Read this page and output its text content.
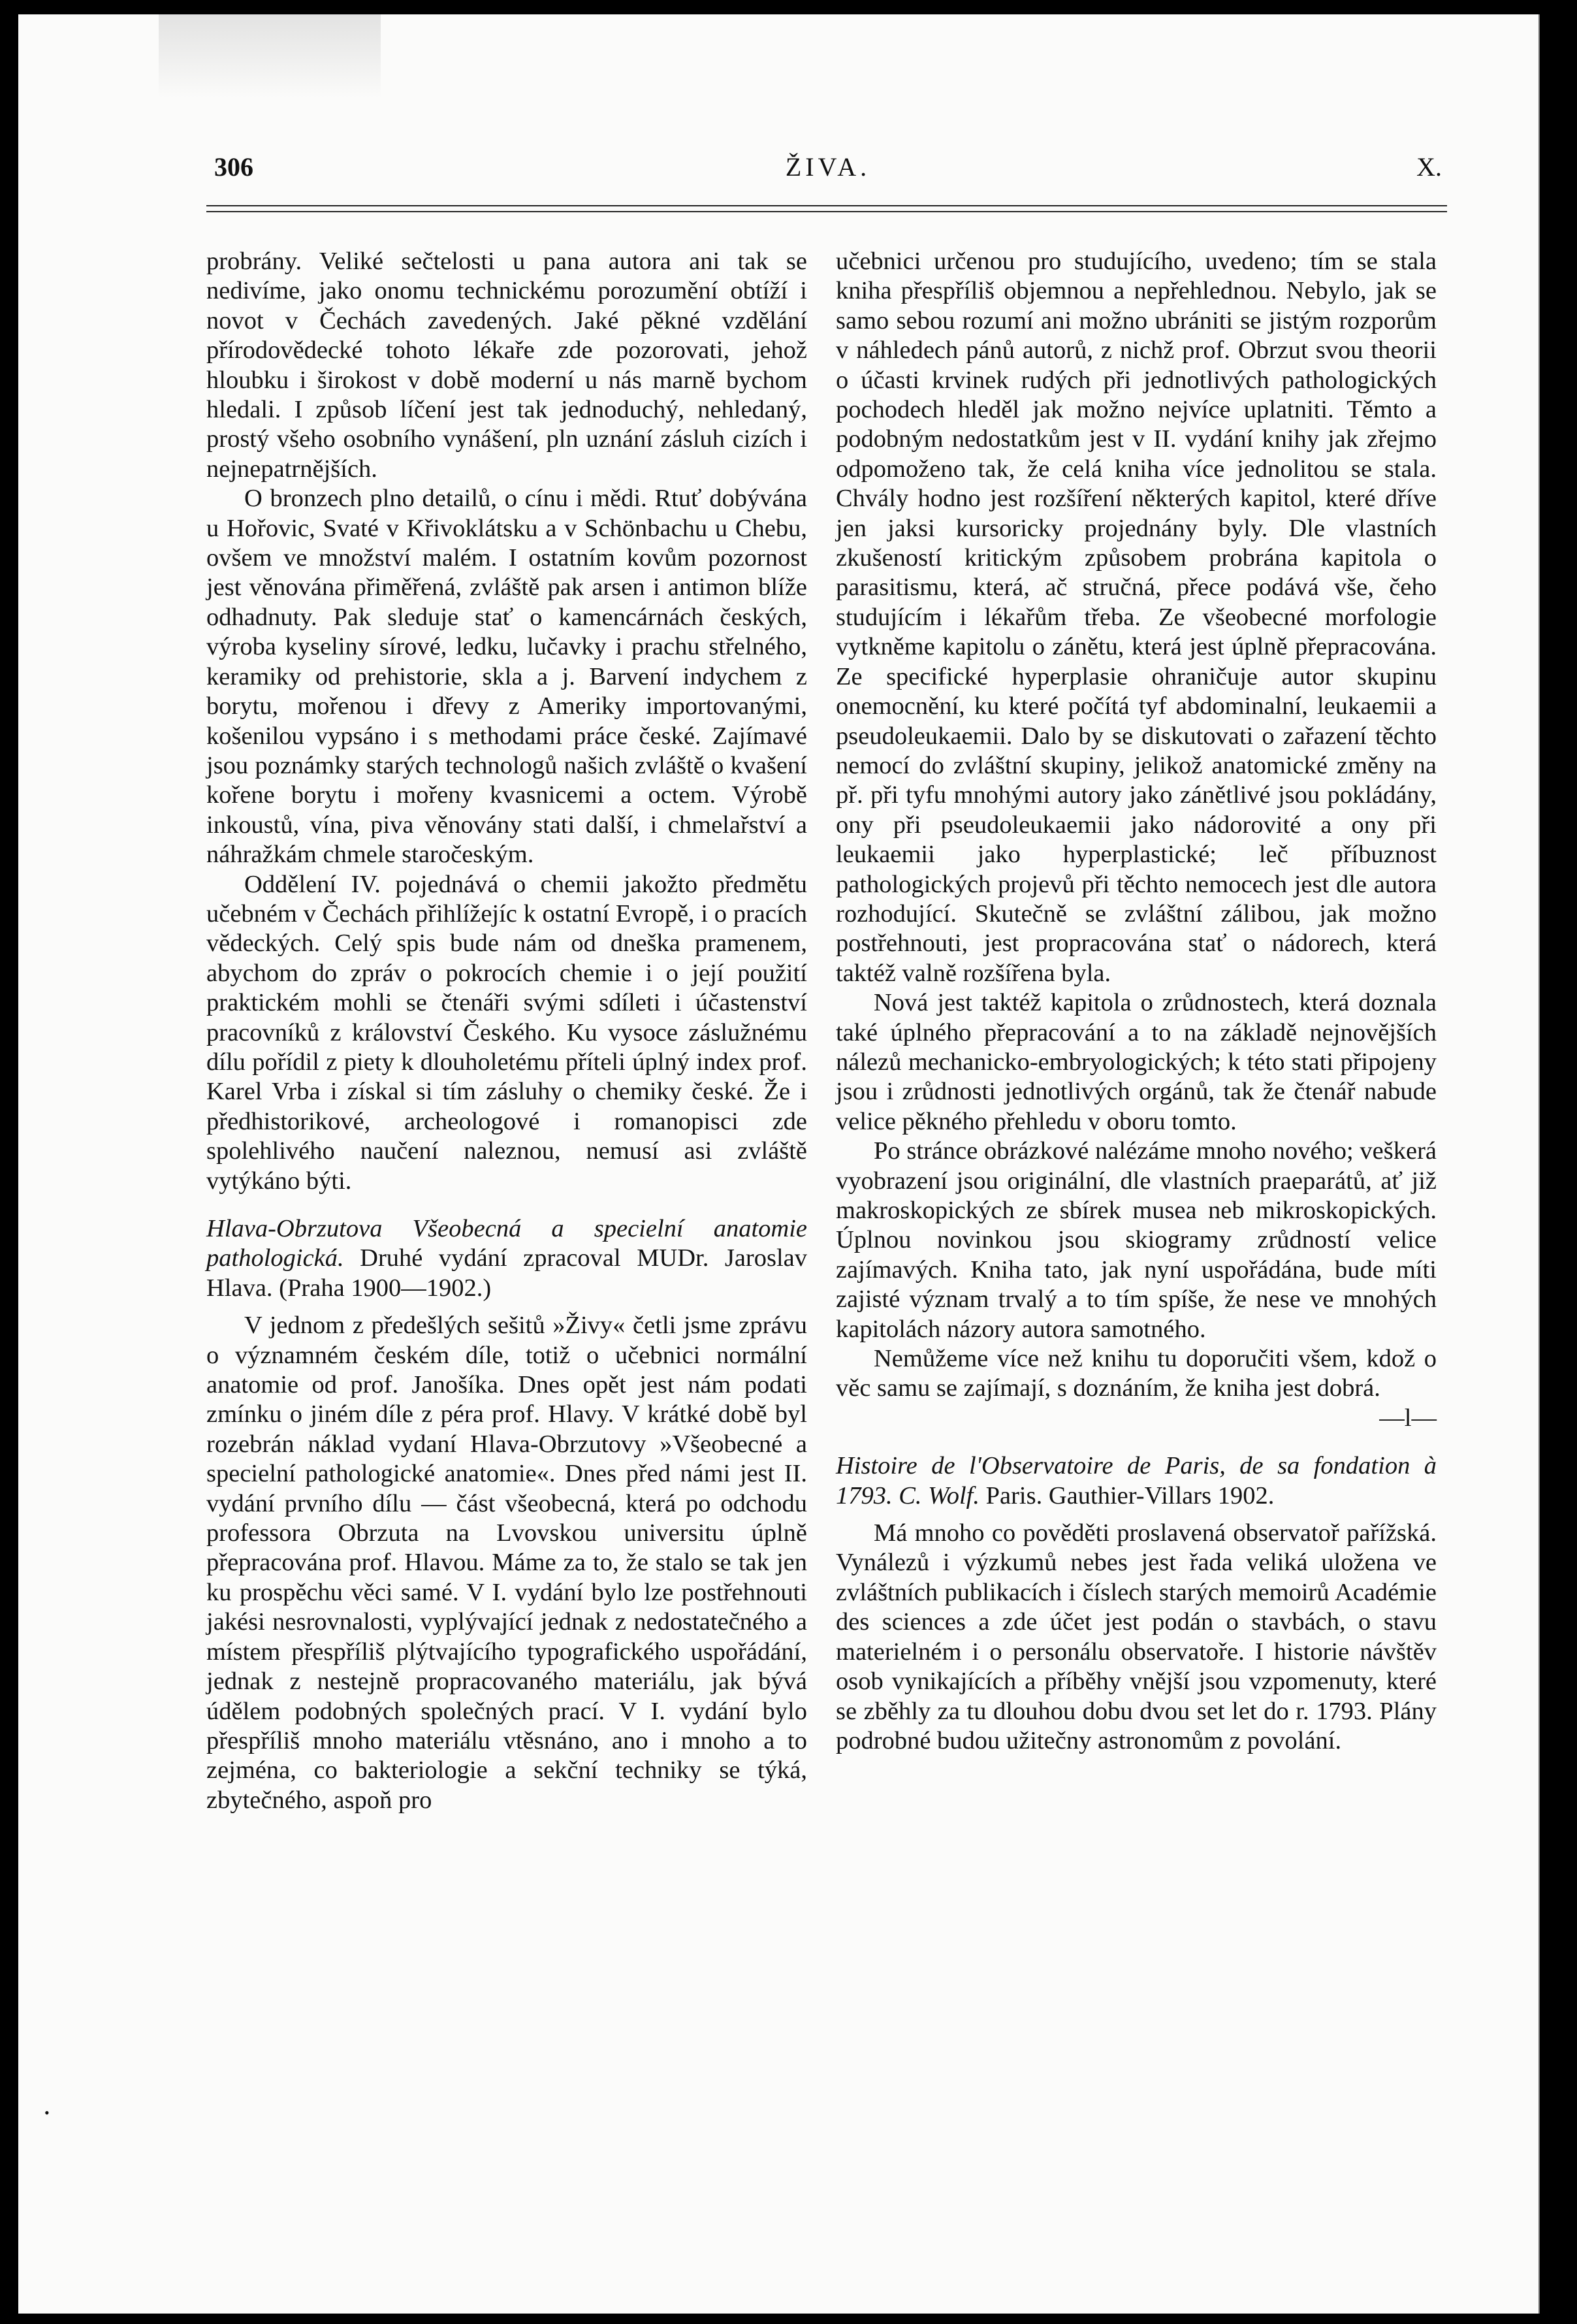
306	ŽIVA.	X.

probrány. Veliké sečtelosti u pana autora ani tak se nedivíme, jako onomu technickému porozumění obtíží i novot v Čechách zavedených. Jaké pěkné vzdělání přírodovědecké tohoto lékaře zde pozorovati, jehož hloubku i širokost v době moderní u nás marně bychom hledali. I způsob líčení jest tak jednoduchý, nehledaný, prostý všeho osobního vynášení, pln uznání zásluh cizích i nejnepatrnějších.

O bronzech plno detailů, o cínu i mědi. Rtuť dobývána u Hořovic, Svaté v Křivoklátsku a v Schönbachu u Chebu, ovšem ve množství malém. I ostatním kovům pozornost jest věnována přiměřená, zvláště pak arsen i antimon blíže odhadnuty. Pak sleduje stať o kamencárnách českých, výroba kyseliny sírové, ledku, lučavky i prachu střelného, keramiky od prehistorie, skla a j. Barvení indychem z borytu, mořenou i dřevy z Ameriky importovanými, košenilou vypsáno i s methodami práce české. Zajímavé jsou poznámky starých technologů našich zvláště o kvašení kořene borytu i mořeny kvasnicemi a octem. Výrobě inkoustů, vína, piva věnovány stati další, i chmelařství a náhražkám chmele staročeským.

Oddělení IV. pojednává o chemii jakožto předmětu učebném v Čechách přihlížejíc k ostatní Evropě, i o pracích vědeckých. Celý spis bude nám od dneška pramenem, abychom do zpráv o pokrocích chemie i o její použití praktickém mohli se čtenáři svými sdíleti i účastenství pracovníků z království Českého. Ku vysoce záslužnému dílu pořídil z piety k dlouholetému příteli úplný index prof. Karel Vrba i získal si tím zásluhy o chemiky české. Že i předhistorikové, archeologové i romanopisci zde spolehlivého naučení naleznou, nemusí asi zvláště vytýkáno býti.

Hlava-Obrzutova Všeobecná a specielní anatomie pathologická. Druhé vydání zpracoval MUDr. Jaroslav Hlava. (Praha 1900—1902.)

V jednom z předešlých sešitů »Živy« četli jsme zprávu o významném českém díle, totiž o učebnici normální anatomie od prof. Janošíka. Dnes opět jest nám podati zmínku o jiném díle z péra prof. Hlavy. V krátké době byl rozebrán náklad vydaní Hlava-Obrzutovy »Všeobecné a specielní pathologické anatomie«. Dnes před námi jest II. vydání prvního dílu — část všeobecná, která po odchodu professora Obrzuta na Lvovskou universitu úplně přepracována prof. Hlavou. Máme za to, že stalo se tak jen ku prospěchu věci samé. V I. vydání bylo lze postřehnouti jakési nesrovnalosti, vyplývající jednak z nedostatečného a místem přespříliš plýtvajícího typografického uspořádání, jednak z nestejně propracovaného materiálu, jak bývá údělem podobných společných prací. V I. vydání bylo přespříliš mnoho materiálu vtěsnáno, ano i mnoho a to zejména, co bakteriologie a sekční techniky se týká, zbytečného, aspoň pro

učebnici určenou pro studujícího, uvedeno; tím se stala kniha přespříliš objemnou a nepřehlednou. Nebylo, jak se samo sebou rozumí ani možno ubrániti se jistým rozporům v náhledech pánů autorů, z nichž prof. Obrzut svou theorii o účasti krvinek rudých při jednotlivých pathologických pochodech hleděl jak možno nejvíce uplatniti. Těmto a podobným nedostatkům jest v II. vydání knihy jak zřejmo odpomoženo tak, že celá kniha více jednolitou se stala. Chvály hodno jest rozšíření některých kapitol, které dříve jen jaksi kursoricky projednány byly. Dle vlastních zkušeností kritickým způsobem probrána kapitola o parasitismu, která, ač stručná, přece podává vše, čeho studujícím i lékařům třeba. Ze všeobecné morfologie vytkněme kapitolu o zánětu, která jest úplně přepracována. Ze specifické hyperplasie ohraničuje autor skupinu onemocnění, ku které počítá tyf abdominalní, leukaemii a pseudoleukaemii. Dalo by se diskutovati o zařazení těchto nemocí do zvláštní skupiny, jelikož anatomické změny na př. při tyfu mnohými autory jako zánětlivé jsou pokládány, ony při pseudoleukaemii jako nádorovité a ony při leukaemii jako hyperplastické; leč příbuznost pathologických projevů při těchto nemocech jest dle autora rozhodující. Skutečně se zvláštní zálibou, jak možno postřehnouti, jest propracována stať o nádorech, která taktéž valně rozšířena byla.

Nová jest taktéž kapitola o zrůdnostech, která doznala také úplného přepracování a to na základě nejnovějších nálezů mechanicko-embryologických; k této stati připojeny jsou i zrůdnosti jednotlivých orgánů, tak že čtenář nabude velice pěkného přehledu v oboru tomto.

Po stránce obrázkové nalézáme mnoho nového; veškerá vyobrazení jsou originální, dle vlastních praeparátů, ať již makroskopických ze sbírek musea neb mikroskopických. Úplnou novinkou jsou skiogramy zrůdností velice zajímavých. Kniha tato, jak nyní uspořádána, bude míti zajisté význam trvalý a to tím spíše, že nese ve mnohých kapitolách názory autora samotného.

Nemůžeme více než knihu tu doporučiti všem, kdož o věc samu se zajímají, s doznáním, že kniha jest dobrá.

—l—

Histoire de l'Observatoire de Paris, de sa fondation à 1793. C. Wolf. Paris. Gauthier-Villars 1902.

Má mnoho co pověděti proslavená observatoř pařížská. Vynálezů i výzkumů nebes jest řada veliká uložena ve zvláštních publikacích i číslech starých memoirů Académie des sciences a zde účet jest podán o stavbách, o stavu materielném i o personálu observatoře. I historie návštěv osob vynikajících a příběhy vnější jsou vzpomenuty, které se zběhly za tu dlouhou dobu dvou set let do r. 1793. Plány podrobné budou užitečny astronomům z povolání.

•
